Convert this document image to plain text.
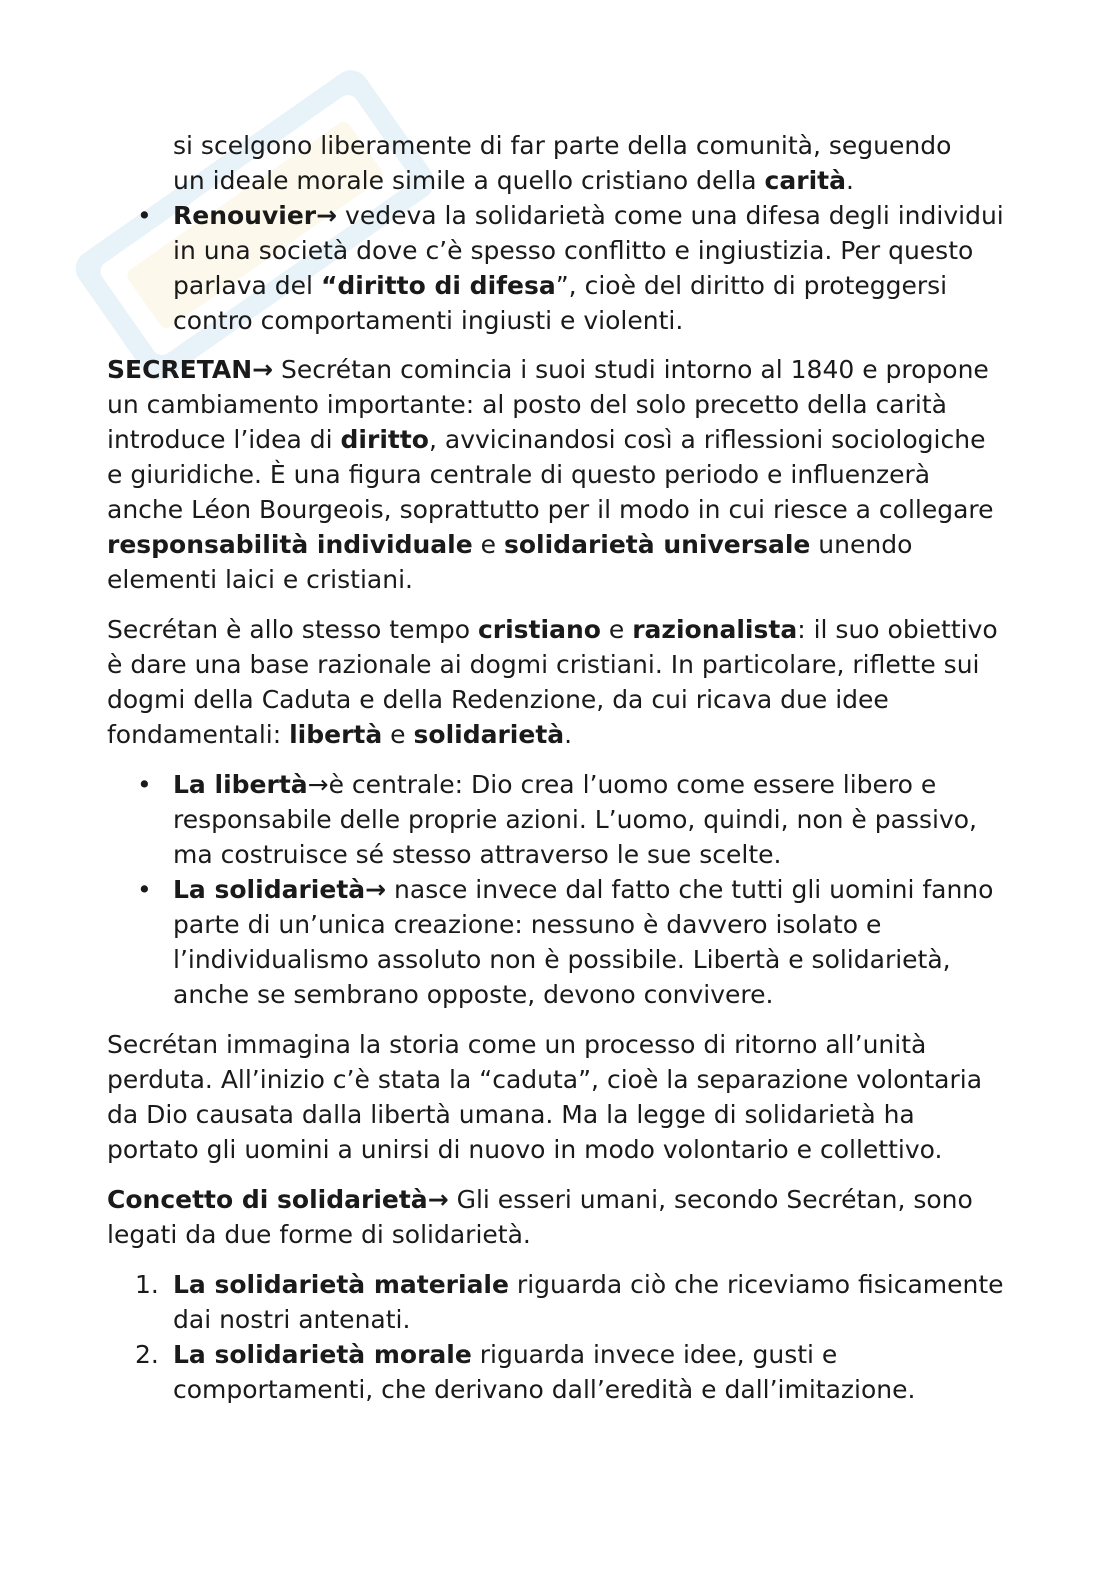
si scelgono liberamente di far parte della comunità, seguendo
un ideale morale simile a quello cristiano della carità.
• Renouvier→ vedeva la solidarietà come una difesa degli individui in una società dove c’è spesso conflitto e ingiustizia. Per questo parlava del “diritto di difesa”, cioè del diritto di proteggersi contro comportamenti ingiusti e violenti.

SECRETAN→ Secrétan comincia i suoi studi intorno al 1840 e propone un cambiamento importante: al posto del solo precetto della carità introduce l’idea di diritto, avvicinandosi così a riflessioni sociologiche e giuridiche. È una figura centrale di questo periodo e influenzerà anche Léon Bourgeois, soprattutto per il modo in cui riesce a collegare responsabilità individuale e solidarietà universale unendo elementi laici e cristiani.

Secrétan è allo stesso tempo cristiano e razionalista: il suo obiettivo è dare una base razionale ai dogmi cristiani. In particolare, riflette sui dogmi della Caduta e della Redenzione, da cui ricava due idee fondamentali: libertà e solidarietà.

• La libertà→è centrale: Dio crea l’uomo come essere libero e responsabile delle proprie azioni. L’uomo, quindi, non è passivo, ma costruisce sé stesso attraverso le sue scelte.
• La solidarietà→ nasce invece dal fatto che tutti gli uomini fanno parte di un’unica creazione: nessuno è davvero isolato e l’individualismo assoluto non è possibile. Libertà e solidarietà, anche se sembrano opposte, devono convivere.

Secrétan immagina la storia come un processo di ritorno all’unità perduta. All’inizio c’è stata la “caduta”, cioè la separazione volontaria da Dio causata dalla libertà umana. Ma la legge di solidarietà ha portato gli uomini a unirsi di nuovo in modo volontario e collettivo.

Concetto di solidarietà→ Gli esseri umani, secondo Secrétan, sono legati da due forme di solidarietà.

1. La solidarietà materiale riguarda ciò che riceviamo fisicamente dai nostri antenati.
2. La solidarietà morale riguarda invece idee, gusti e comportamenti, che derivano dall’eredità e dall’imitazione.
